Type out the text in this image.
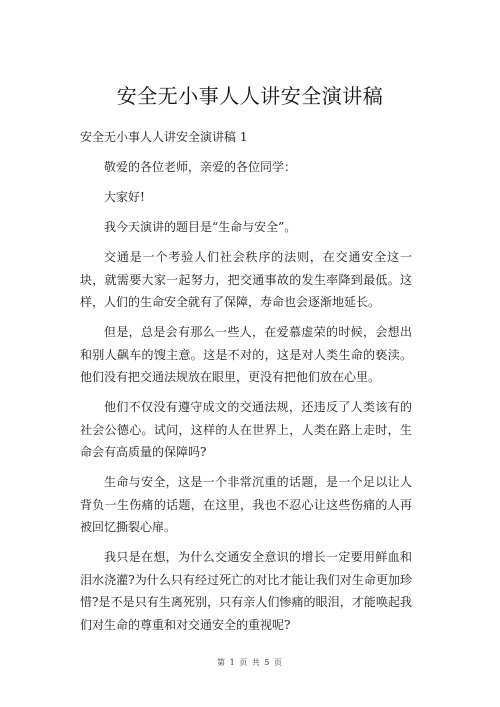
安全无小事人人讲安全演讲稿

安全无小事人人讲安全演讲稿 1

敬爱的各位老师，亲爱的各位同学：

大家好!

我今天演讲的题目是“生命与安全”。

交通是一个考验人们社会秩序的法则，在交通安全这一块，就需要大家一起努力，把交通事故的发生率降到最低。这样，人们的生命安全就有了保障，寿命也会逐渐地延长。

但是，总是会有那么一些人，在爱慕虚荣的时候，会想出和别人飙车的馊主意。这是不对的，这是对人类生命的亵渎。他们没有把交通法规放在眼里，更没有把他们放在心里。

他们不仅没有遵守成文的交通法规，还违反了人类该有的社会公德心。试问，这样的人在世界上，人类在路上走时，生命会有高质量的保障吗?

生命与安全，这是一个非常沉重的话题，是一个足以让人背负一生伤痛的话题，在这里，我也不忍心让这些伤痛的人再被回忆撕裂心扉。

我只是在想，为什么交通安全意识的增长一定要用鲜血和泪水浇灌?为什么只有经过死亡的对比才能让我们对生命更加珍惜?是不是只有生离死别，只有亲人们惨痛的眼泪，才能唤起我们对生命的尊重和对交通安全的重视呢?

第 1 页 共 5 页
